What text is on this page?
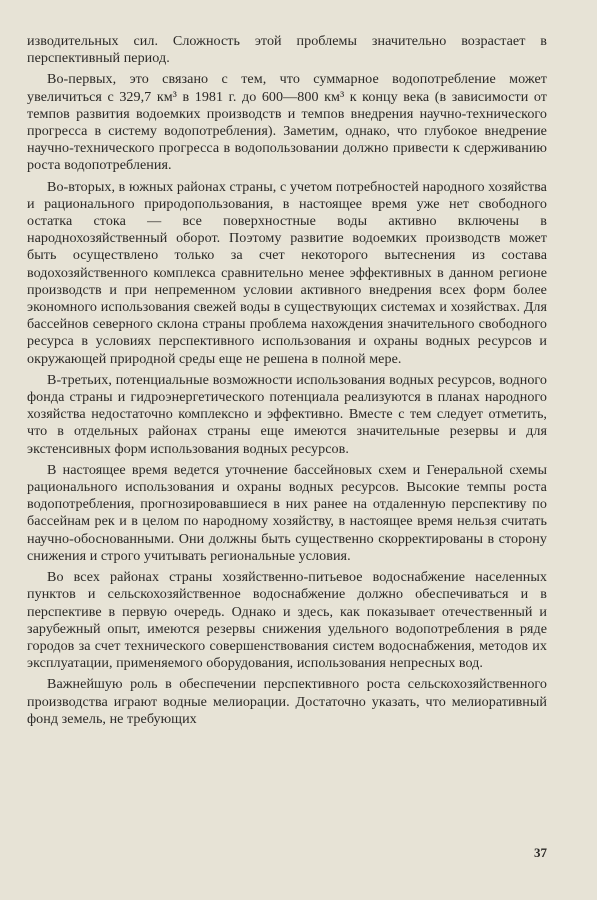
изводительных сил. Сложность этой проблемы значительно возрастает в перспективный период.

Во-первых, это связано с тем, что суммарное водопотребление может увеличиться с 329,7 км³ в 1981 г. до 600—800 км³ к концу века (в зависимости от темпов развития водоемких производств и темпов внедрения научно-технического прогресса в систему водопотребления). Заметим, однако, что глубокое внедрение научно-технического прогресса в водопользовании должно привести к сдерживанию роста водопотребления.

Во-вторых, в южных районах страны, с учетом потребностей народного хозяйства и рационального природопользования, в настоящее время уже нет свободного остатка стока — все поверхностные воды активно включены в народнохозяйственный оборот. Поэтому развитие водоемких производств может быть осуществлено только за счет некоторого вытеснения из состава водохозяйственного комплекса сравнительно менее эффективных в данном регионе производств и при непременном условии активного внедрения всех форм более экономного использования свежей воды в существующих системах и хозяйствах. Для бассейнов северного склона страны проблема нахождения значительного свободного ресурса в условиях перспективного использования и охраны водных ресурсов и окружающей природной среды еще не решена в полной мере.

В-третьих, потенциальные возможности использования водных ресурсов, водного фонда страны и гидроэнергетического потенциала реализуются в планах народного хозяйства недостаточно комплексно и эффективно. Вместе с тем следует отметить, что в отдельных районах страны еще имеются значительные резервы и для экстенсивных форм использования водных ресурсов.

В настоящее время ведется уточнение бассейновых схем и Генеральной схемы рационального использования и охраны водных ресурсов. Высокие темпы роста водопотребления, прогнозировавшиеся в них ранее на отдаленную перспективу по бассейнам рек и в целом по народному хозяйству, в настоящее время нельзя считать научно-обоснованными. Они должны быть существенно скорректированы в сторону снижения и строго учитывать региональные условия.

Во всех районах страны хозяйственно-питьевое водоснабжение населенных пунктов и сельскохозяйственное водоснабжение должно обеспечиваться и в перспективе в первую очередь. Однако и здесь, как показывает отечественный и зарубежный опыт, имеются резервы снижения удельного водопотребления в ряде городов за счет технического совершенствования систем водоснабжения, методов их эксплуатации, применяемого оборудования, использования непресных вод.

Важнейшую роль в обеспечении перспективного роста сельскохозяйственного производства играют водные мелиорации. Достаточно указать, что мелиоративный фонд земель, не требующих

37
